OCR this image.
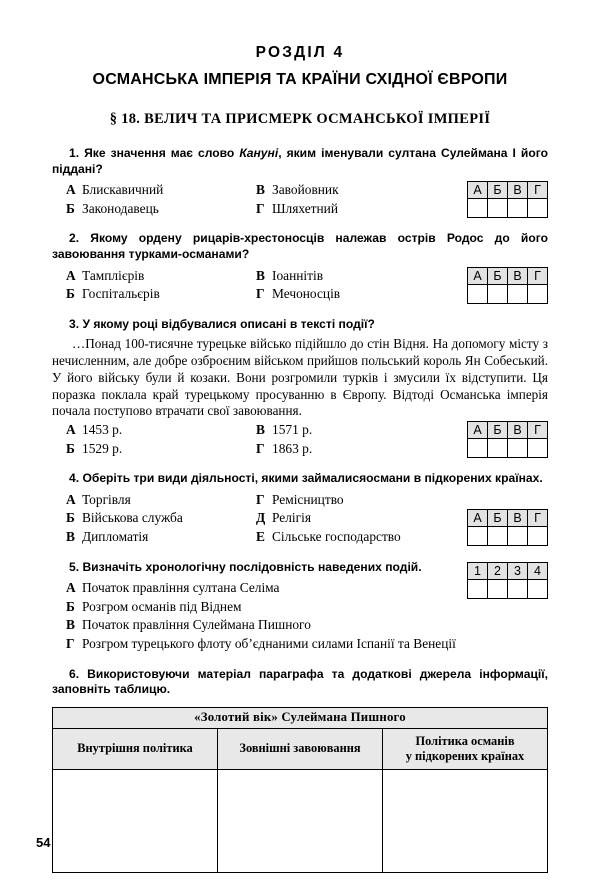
РОЗДІЛ 4
ОСМАНСЬКА ІМПЕРІЯ ТА КРАЇНИ СХІДНОЇ ЄВРОПИ
§ 18. ВЕЛИЧ ТА ПРИСМЕРК ОСМАНСЬКОЇ ІМПЕРІЇ

1. Яке значення має слово Кануні, яким іменували султана Сулеймана I його піддані?

А Блискавичний	В Завойовник
Б Законодавець	Г Шляхетний
А	Б	В	Г

2. Якому ордену рицарів-хрестоносців належав острів Родос до його завоювання турками-османами?

А Тамплієрів	В Іоаннітів
Б Госпітальєрів	Г Мечоносців
А	Б	В	Г

3. У якому році відбувалися описані в тексті події?

…Понад 100-тисячне турецьке військо підійшло до стін Відня. На допомогу місту з нечисленним, але добре озброєним військом прийшов польський король Ян Собеський. У його війську були й козаки. Вони розгромили турків і змусили їх відступити. Ця поразка поклала край турецькому просуванню в Європу. Відтоді Османська імперія почала поступово втрачати свої завоювання.

А 1453 р.	В 1571 р.
Б 1529 р.	Г 1863 р.
А	Б	В	Г

4. Оберіть три види діяльності, якими займалисяосмани в підкорених країнах.

А Торгівля	Г Ремісництво
Б Військова служба	Д Релігія
В Дипломатія	Е Сільське господарство
А	Б	В	Г

5. Визначіть хронологічну послідовність наведених подій.

А Початок правління султана Селіма
Б Розгром османів під Віднем
В Початок правління Сулеймана Пишного
Г Розгром турецького флоту об’єднаними силами Іспанії та Венеції
1	2	3	4

6. Використовуючи матеріал параграфа та додаткові джерела інформації, заповніть таблицю.

«Золотий вік» Сулеймана Пишного		
Внутрішня політика	Зовнішні завоювання	Політика османів
у підкорених країнах

54
